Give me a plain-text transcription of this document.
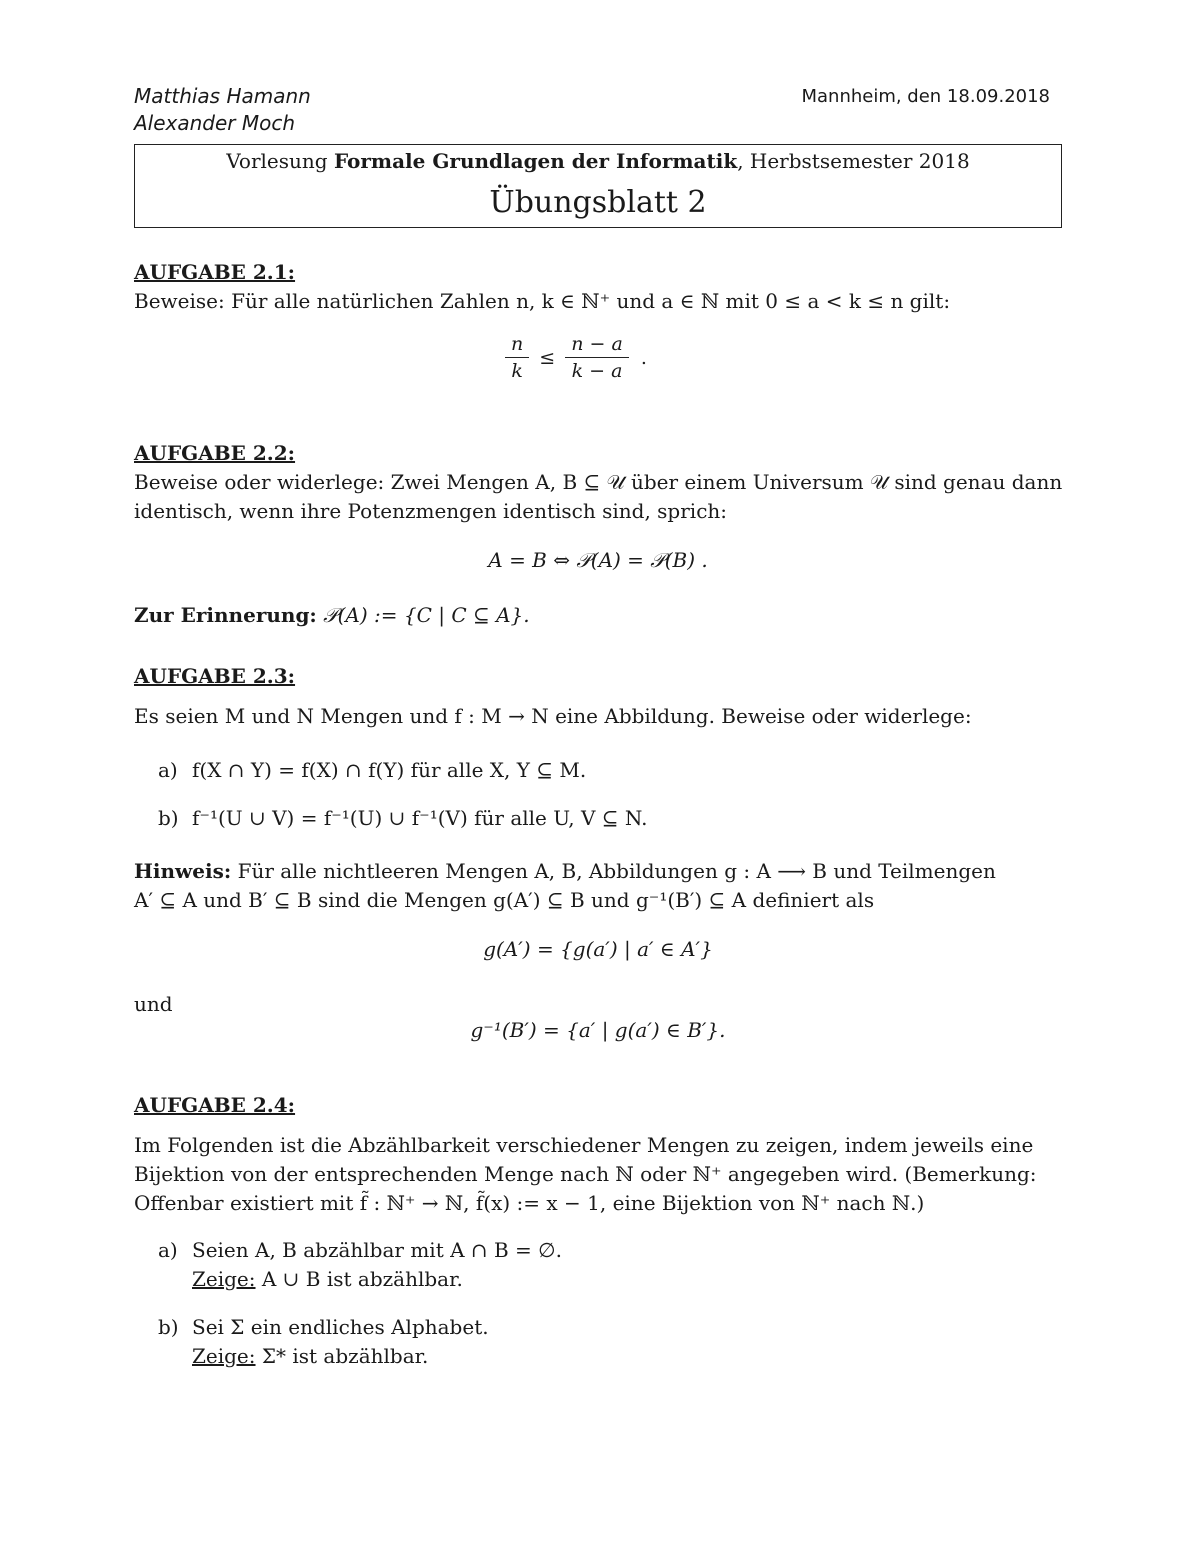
Matthias Hamann
Alexander Moch
Mannheim, den 18.09.2018
Vorlesung Formale Grundlagen der Informatik, Herbstsemester 2018
Übungsblatt 2
AUFGABE 2.1:
Beweise: Für alle natürlichen Zahlen n, k ∈ ℕ⁺ und a ∈ ℕ mit 0 ≤ a < k ≤ n gilt:
$\frac{n}{k} \le \frac{n - a}{k - a}$ .
AUFGABE 2.2:
Beweise oder widerlege: Zwei Mengen A, B ⊆ 𝒰 über einem Universum 𝒰 sind genau dann
identisch, wenn ihre Potenzmengen identisch sind, sprich:
A = B ⇔ 𝒫(A) = 𝒫(B) .
Zur Erinnerung: 𝒫(A) := {C | C ⊆ A}.
AUFGABE 2.3:
Es seien M und N Mengen und f : M → N eine Abbildung. Beweise oder widerlege:
a) f(X ∩ Y) = f(X) ∩ f(Y) für alle X, Y ⊆ M.
b) f⁻¹(U ∪ V) = f⁻¹(U) ∪ f⁻¹(V) für alle U, V ⊆ N.
Hinweis: Für alle nichtleeren Mengen A, B, Abbildungen g : A ⟶ B und Teilmengen
A′ ⊆ A und B′ ⊆ B sind die Mengen g(A′) ⊆ B und g⁻¹(B′) ⊆ A definiert als
g(A′) = {g(a′) | a′ ∈ A′}
und
g⁻¹(B′) = {a′ | g(a′) ∈ B′}.
AUFGABE 2.4:
Im Folgenden ist die Abzählbarkeit verschiedener Mengen zu zeigen, indem jeweils eine
Bijektion von der entsprechenden Menge nach ℕ oder ℕ⁺ angegeben wird. (Bemerkung:
Offenbar existiert mit f̃ : ℕ⁺ → ℕ, f̃(x) := x − 1, eine Bijektion von ℕ⁺ nach ℕ.)
a) Seien A, B abzählbar mit A ∩ B = ∅.
Zeige: A ∪ B ist abzählbar.
b) Sei Σ ein endliches Alphabet.
Zeige: Σ* ist abzählbar.
